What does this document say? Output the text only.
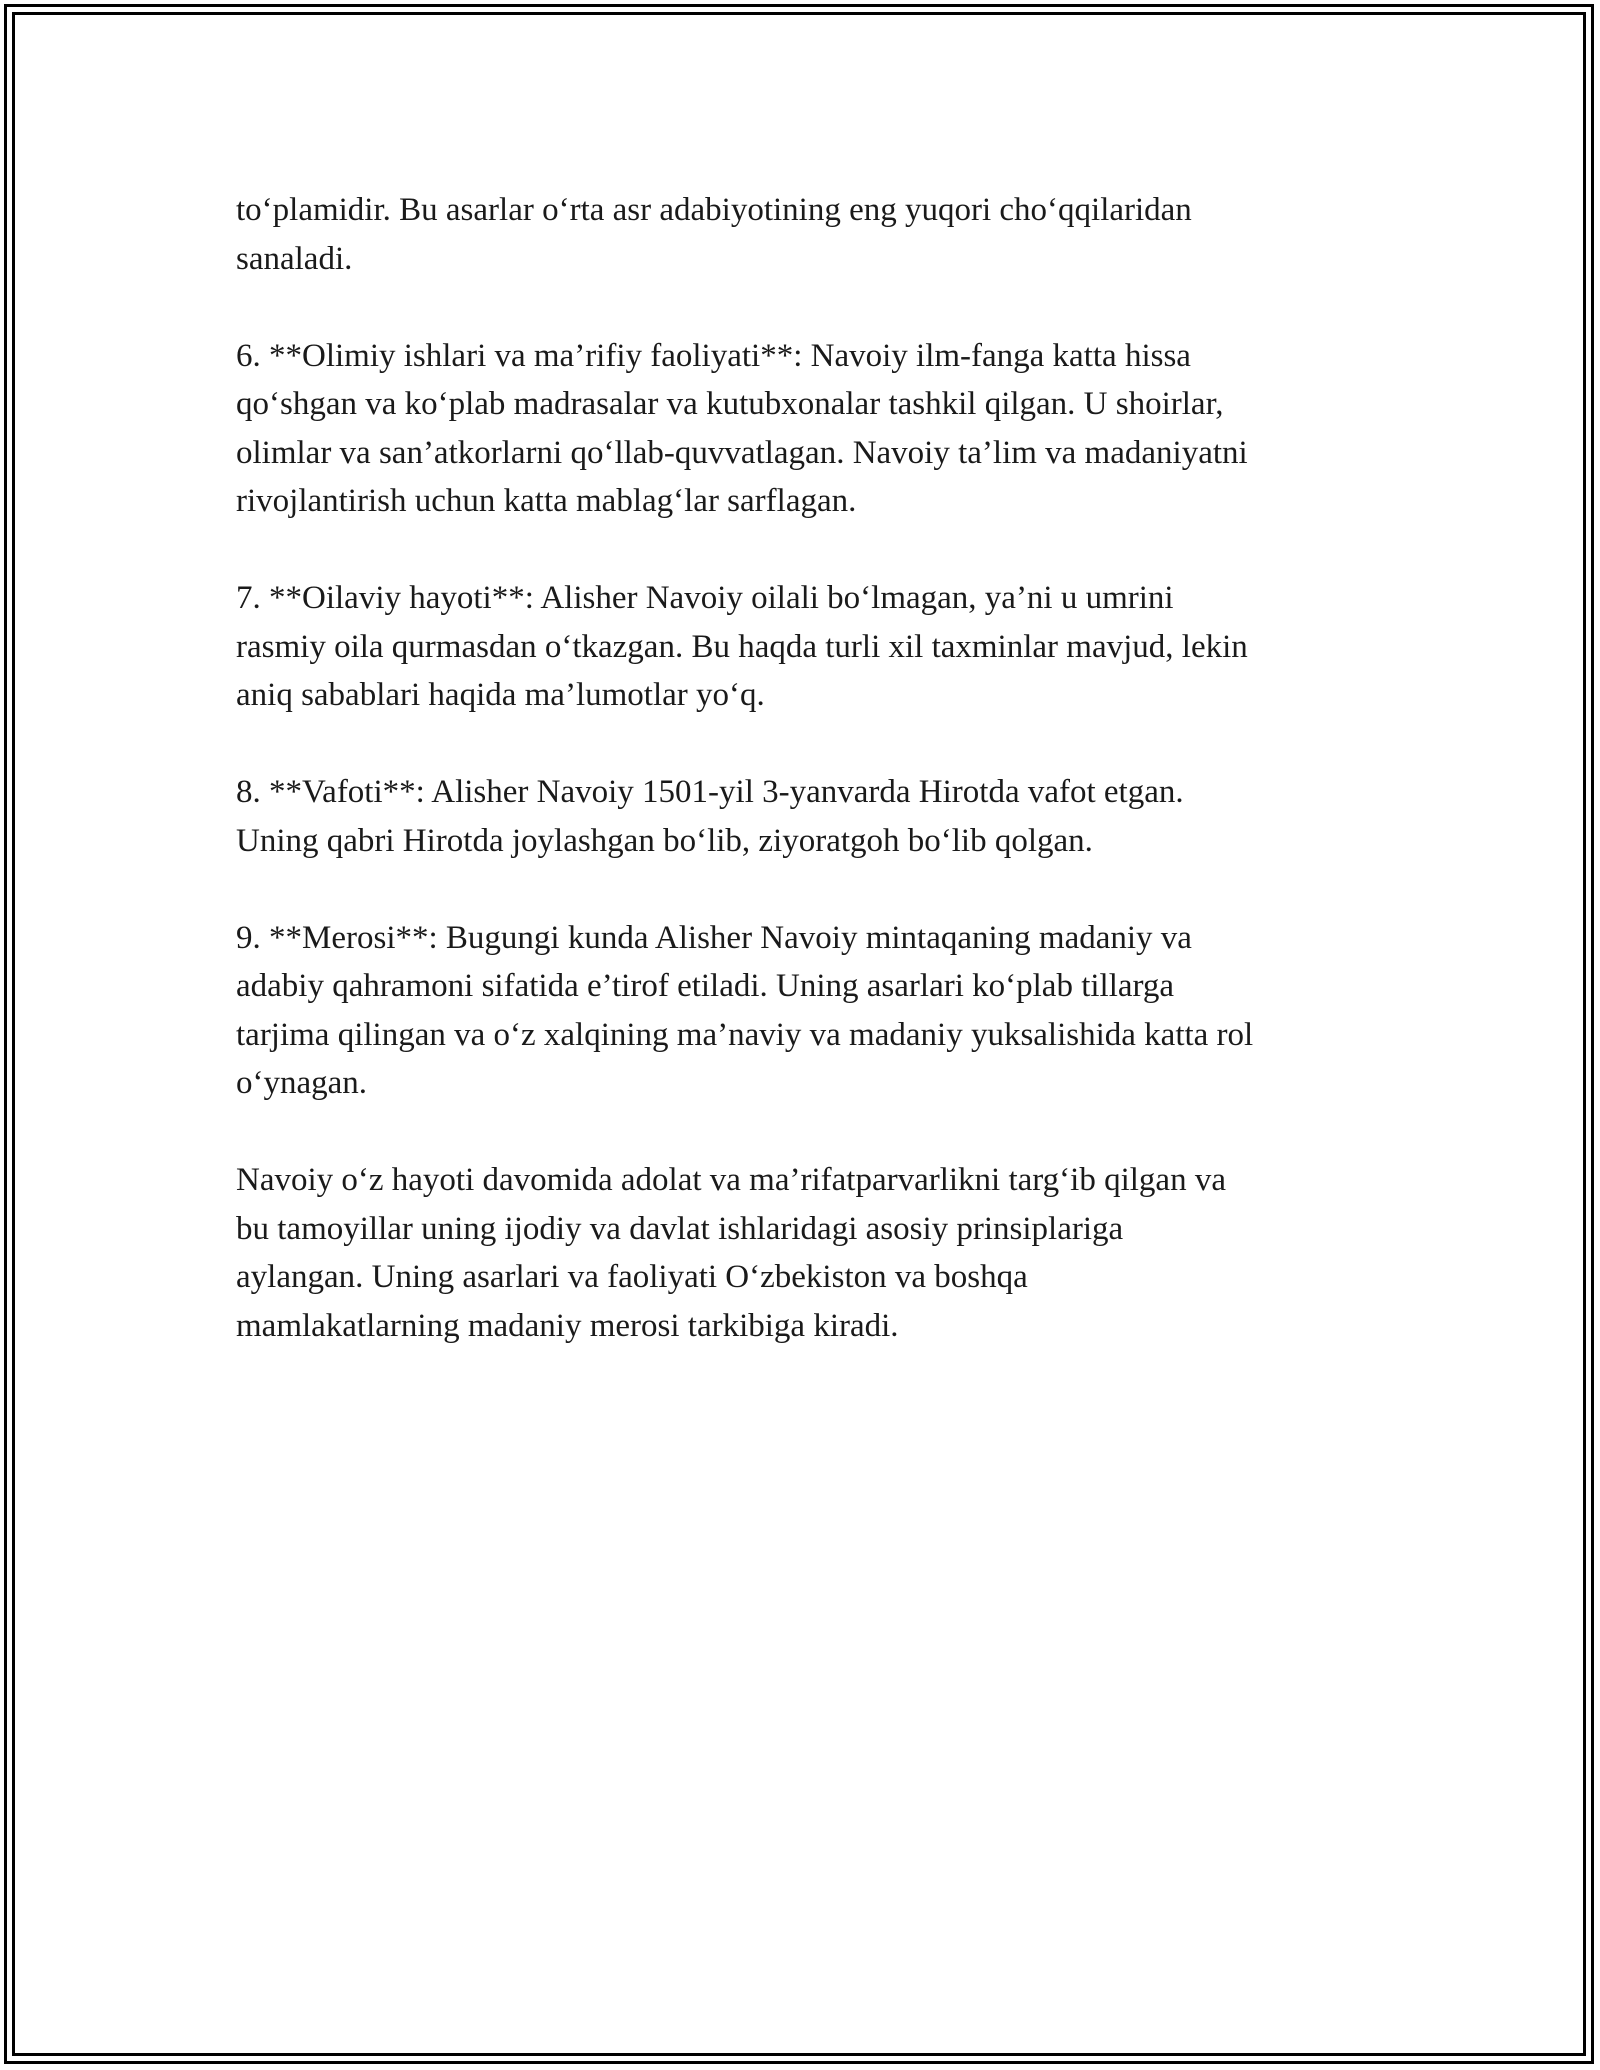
to‘plamidir. Bu asarlar o‘rta asr adabiyotining eng yuqori cho‘qqilaridan
sanaladi.

6. **Olimiy ishlari va ma’rifiy faoliyati**: Navoiy ilm-fanga katta hissa
qo‘shgan va ko‘plab madrasalar va kutubxonalar tashkil qilgan. U shoirlar,
olimlar va san’atkorlarni qo‘llab-quvvatlagan. Navoiy ta’lim va madaniyatni
rivojlantirish uchun katta mablag‘lar sarflagan.

7. **Oilaviy hayoti**: Alisher Navoiy oilali bo‘lmagan, ya’ni u umrini
rasmiy oila qurmasdan o‘tkazgan. Bu haqda turli xil taxminlar mavjud, lekin
aniq sabablari haqida ma’lumotlar yo‘q.

8. **Vafoti**: Alisher Navoiy 1501-yil 3-yanvarda Hirotda vafot etgan.
Uning qabri Hirotda joylashgan bo‘lib, ziyoratgoh bo‘lib qolgan.

9. **Merosi**: Bugungi kunda Alisher Navoiy mintaqaning madaniy va
adabiy qahramoni sifatida e’tirof etiladi. Uning asarlari ko‘plab tillarga
tarjima qilingan va o‘z xalqining ma’naviy va madaniy yuksalishida katta rol
o‘ynagan.

Navoiy o‘z hayoti davomida adolat va ma’rifatparvarlikni targ‘ib qilgan va
bu tamoyillar uning ijodiy va davlat ishlaridagi asosiy prinsiplariga
aylangan. Uning asarlari va faoliyati O‘zbekiston va boshqa
mamlakatlarning madaniy merosi tarkibiga kiradi.
